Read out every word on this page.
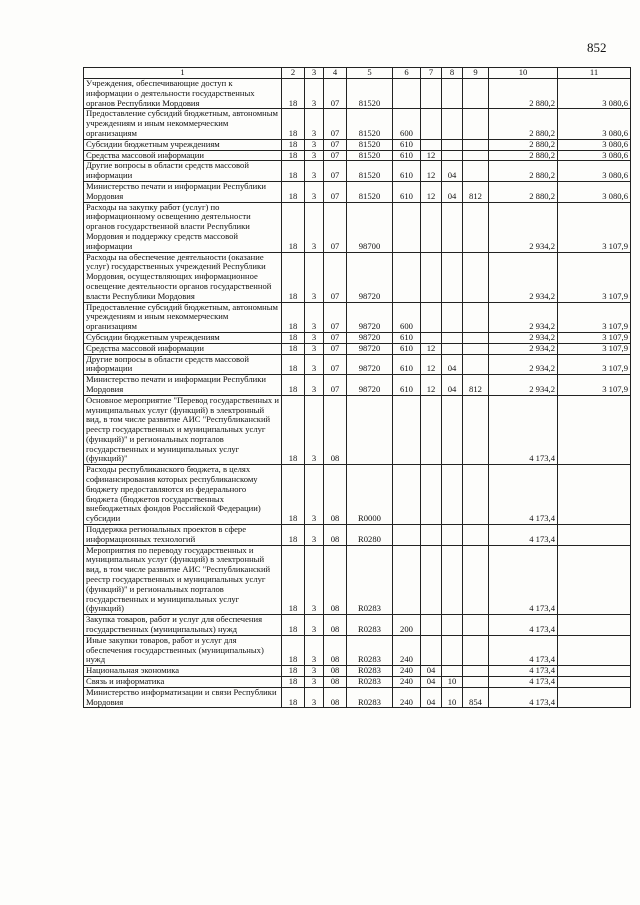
852
1	2	3	4	5	6	7	8	9	10	11
Учреждения, обеспечивающие доступ к информации о деятельности государственных органов Республики Мордовия	18	3	07	81520					2 880,2	3 080,6
Предоставление субсидий бюджетным, автономным учреждениям и иным некоммерческим организациям	18	3	07	81520	600				2 880,2	3 080,6
Субсидии бюджетным учреждениям	18	3	07	81520	610				2 880,2	3 080,6
Средства массовой информации	18	3	07	81520	610	12			2 880,2	3 080,6
Другие вопросы в области средств массовой информации	18	3	07	81520	610	12	04		2 880,2	3 080,6
Министерство печати и информации Республики Мордовия	18	3	07	81520	610	12	04	812	2 880,2	3 080,6
Расходы на закупку работ (услуг) по информационному освещению деятельности органов государственной власти Республики Мордовия и поддержку средств массовой информации	18	3	07	98700					2 934,2	3 107,9
Расходы на обеспечение деятельности (оказание услуг) государственных учреждений Республики Мордовия, осуществляющих информационное освещение деятельности органов государственной власти Республики Мордовия	18	3	07	98720					2 934,2	3 107,9
Предоставление субсидий бюджетным, автономным учреждениям и иным некоммерческим организациям	18	3	07	98720	600				2 934,2	3 107,9
Субсидии бюджетным учреждениям	18	3	07	98720	610				2 934,2	3 107,9
Средства массовой информации	18	3	07	98720	610	12			2 934,2	3 107,9
Другие вопросы в области средств массовой информации	18	3	07	98720	610	12	04		2 934,2	3 107,9
Министерство печати и информации Республики Мордовия	18	3	07	98720	610	12	04	812	2 934,2	3 107,9
Основное мероприятие "Перевод государственных и муниципальных услуг (функций) в электронный вид, в том числе развитие АИС "Республиканский реестр государственных и муниципальных услуг (функций)" и региональных порталов государственных и муниципальных услуг (функций)"	18	3	08						4 173,4	
Расходы республиканского бюджета, в целях софинансирования которых республиканскому бюджету предоставляются из федерального бюджета (бюджетов государственных внебюджетных фондов Российской Федерации) субсидии	18	3	08	R0000					4 173,4	
Поддержка региональных проектов в сфере информационных технологий	18	3	08	R0280					4 173,4	
Мероприятия по переводу государственных и муниципальных услуг (функций) в электронный вид, в том числе развитие АИС "Республиканский реестр государственных и муниципальных услуг (функций)" и региональных порталов государственных и муниципальных услуг (функций)	18	3	08	R0283					4 173,4	
Закупка товаров, работ и услуг для обеспечения государственных (муниципальных) нужд	18	3	08	R0283	200				4 173,4	
Иные закупки товаров, работ и услуг для обеспечения государственных (муниципальных) нужд	18	3	08	R0283	240				4 173,4	
Национальная экономика	18	3	08	R0283	240	04			4 173,4	
Связь и информатика	18	3	08	R0283	240	04	10		4 173,4	
Министерство информатизации и связи Республики Мордовия	18	3	08	R0283	240	04	10	854	4 173,4	
